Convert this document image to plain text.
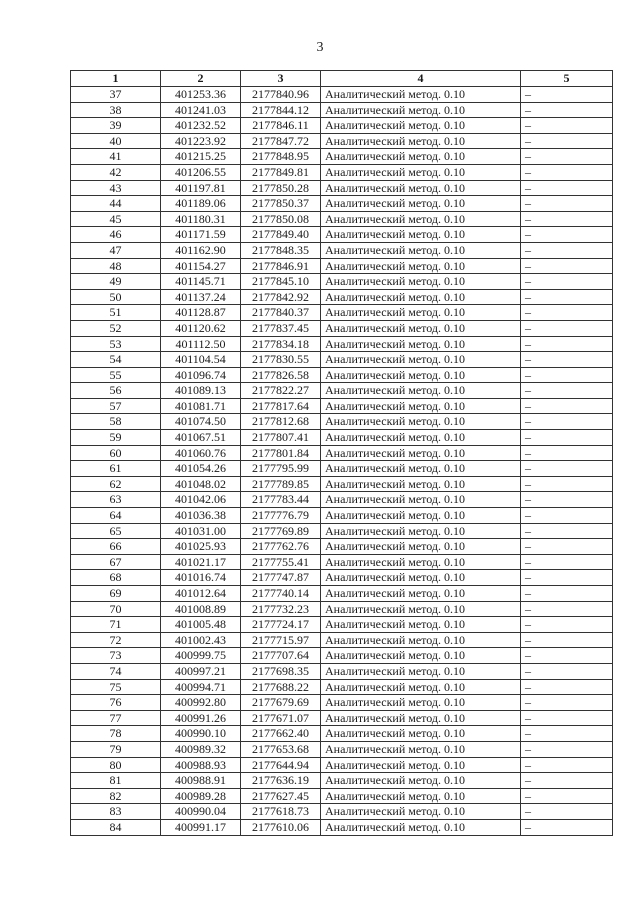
3
1	2	3	4	5
37	401253.36	2177840.96	Аналитический метод. 0.10	–
38	401241.03	2177844.12	Аналитический метод. 0.10	–
39	401232.52	2177846.11	Аналитический метод. 0.10	–
40	401223.92	2177847.72	Аналитический метод. 0.10	–
41	401215.25	2177848.95	Аналитический метод. 0.10	–
42	401206.55	2177849.81	Аналитический метод. 0.10	–
43	401197.81	2177850.28	Аналитический метод. 0.10	–
44	401189.06	2177850.37	Аналитический метод. 0.10	–
45	401180.31	2177850.08	Аналитический метод. 0.10	–
46	401171.59	2177849.40	Аналитический метод. 0.10	–
47	401162.90	2177848.35	Аналитический метод. 0.10	–
48	401154.27	2177846.91	Аналитический метод. 0.10	–
49	401145.71	2177845.10	Аналитический метод. 0.10	–
50	401137.24	2177842.92	Аналитический метод. 0.10	–
51	401128.87	2177840.37	Аналитический метод. 0.10	–
52	401120.62	2177837.45	Аналитический метод. 0.10	–
53	401112.50	2177834.18	Аналитический метод. 0.10	–
54	401104.54	2177830.55	Аналитический метод. 0.10	–
55	401096.74	2177826.58	Аналитический метод. 0.10	–
56	401089.13	2177822.27	Аналитический метод. 0.10	–
57	401081.71	2177817.64	Аналитический метод. 0.10	–
58	401074.50	2177812.68	Аналитический метод. 0.10	–
59	401067.51	2177807.41	Аналитический метод. 0.10	–
60	401060.76	2177801.84	Аналитический метод. 0.10	–
61	401054.26	2177795.99	Аналитический метод. 0.10	–
62	401048.02	2177789.85	Аналитический метод. 0.10	–
63	401042.06	2177783.44	Аналитический метод. 0.10	–
64	401036.38	2177776.79	Аналитический метод. 0.10	–
65	401031.00	2177769.89	Аналитический метод. 0.10	–
66	401025.93	2177762.76	Аналитический метод. 0.10	–
67	401021.17	2177755.41	Аналитический метод. 0.10	–
68	401016.74	2177747.87	Аналитический метод. 0.10	–
69	401012.64	2177740.14	Аналитический метод. 0.10	–
70	401008.89	2177732.23	Аналитический метод. 0.10	–
71	401005.48	2177724.17	Аналитический метод. 0.10	–
72	401002.43	2177715.97	Аналитический метод. 0.10	–
73	400999.75	2177707.64	Аналитический метод. 0.10	–
74	400997.21	2177698.35	Аналитический метод. 0.10	–
75	400994.71	2177688.22	Аналитический метод. 0.10	–
76	400992.80	2177679.69	Аналитический метод. 0.10	–
77	400991.26	2177671.07	Аналитический метод. 0.10	–
78	400990.10	2177662.40	Аналитический метод. 0.10	–
79	400989.32	2177653.68	Аналитический метод. 0.10	–
80	400988.93	2177644.94	Аналитический метод. 0.10	–
81	400988.91	2177636.19	Аналитический метод. 0.10	–
82	400989.28	2177627.45	Аналитический метод. 0.10	–
83	400990.04	2177618.73	Аналитический метод. 0.10	–
84	400991.17	2177610.06	Аналитический метод. 0.10	–
